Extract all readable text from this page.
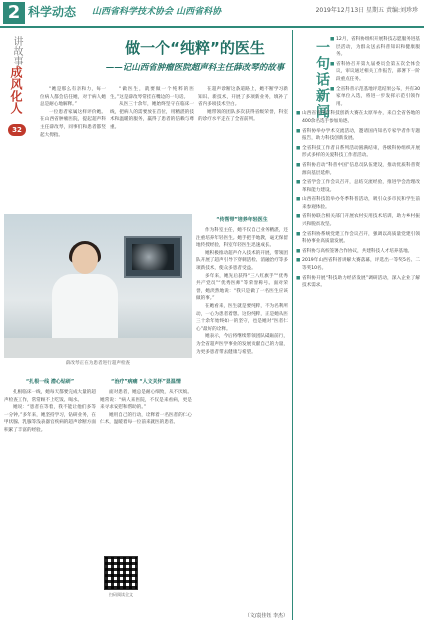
2 科学动态 山西省科学技术协会 山西省科协	2019年12月13日 星期五 责编:刘珍珍
讲故事
成风化人
32
做一个“纯粹”的医生
——记山西省肿瘤医院超声科主任薛改琴的故事

“她是那么有亲和力，每一位病人都会信任她，对于病人她总是耐心地解释。”

一位患者家属这样评价她。在山西省肿瘤医院，提起超声科主任薛改琴，同事们和患者都竖起大拇指。

“做医生，就要做一个纯粹的医生。”这是薛改琴常挂在嘴边的一句话。

从医三十余年，她始终坚守在临床一线，把病人的需要放在首位，用精湛的技术和温暖的服务，赢得了患者的信赖与尊重。

在超声诊断这条道路上，她不断学习新知识、新技术，开展了多项新业务，填补了省内多项技术空白。

她带领的团队多次获得省级荣誉，科室的诊疗水平走在了全省前列。

薛改琴正在为患者进行超声检查

“扎根一线 潜心钻研”

扎根临床一线，她每天都要完成大量的超声检查工作，常常顾不上吃饭、喝水。

她说：“患者在等着，我不能让他们多等一分钟。”多年来，她坚持学习，钻研业务，在甲状腺、乳腺等浅表器官疾病的超声诊断方面积累了丰富的经验。

“治疗”病痛 “人文关怀”显温情

面对患者，她总是耐心细致，从不厌烦。她常说：“病人来医院，不仅是来看病，更是来寻求安慰和帮助的。”

她用自己的行动，诠释着一名医者的仁心仁术，温暖着每一位前来就医的患者。

“传帮带”培养年轻医生

作为科室主任，她不仅自己业务精湛，还注重培养年轻医生。她手把手地教，毫无保留地传授经验，科室年轻医生迅速成长。

她积极推动超声介入技术的开展，带领团队开展了超声引导下穿刺活检、消融治疗等多项新技术，使众多患者受益。

多年来，她先后获得“三八红旗手”“优秀共产党员”“优秀医师”等荣誉称号。面对荣誉，她淡然地说：“我只是做了一名医生应该做的事。”

在她看来，医生就是要纯粹，不为名利所动，一心为患者着想。这份纯粹，正是她从医三十余年始终如一的坚守，也是她对“医者仁心”最好的诠释。

她表示，今后将继续带领团队砥砺前行，为全省超声医学事业的发展贡献自己的力量，为更多患者带去健康与希望。

扫码阅读全文
（文/袁佳钰 李杰）
一句话新闻
■ 12月，省科协组织开展科技志愿服务进基层活动，为群众送去科普知识和健康服务。
■ 省科协召开第九届委员会第五次全体会议，审议通过相关工作报告，部署下一阶段重点任务。
■ 全省科普示范基地评选结果公布，共有30家单位入选，将进一步发挥示范引领作用。
■ 山西省青少年科技创新大赛在太原举办，来自全省各地的400余名选手参加角逐。
■ 省科协举办学术交流活动，邀请国内知名专家学者作专题报告，助力科技创新发展。
■ 全省科技工作者日系列活动圆满结束，各级科协组织开展形式多样的关爱科技工作者活动。
■ 省科协启动“科普中国”信息员队伍建设，推动优质科普资源向基层延伸。
■ 全省学会工作会议召开，总结交流经验，推进学会治理改革和能力建设。
■ 山西省科技馆举办冬季科普活动，吸引众多市民和学生前来参观体验。
■ 省科协联合相关部门开展农村实用技术培训，助力乡村振兴和脱贫攻坚。
■ 全省科协系统党建工作会议召开，强调以高质量党建引领科协事业高质量发展。
■ 省科协与高校签署合作协议，共建科技人才培养基地。
■ 2019年山西省科普讲解大赛落幕，评选出一等奖5名、二等奖10名。
■ 省科协开展“科技助力经济发展”调研活动，深入企业了解技术需求。
